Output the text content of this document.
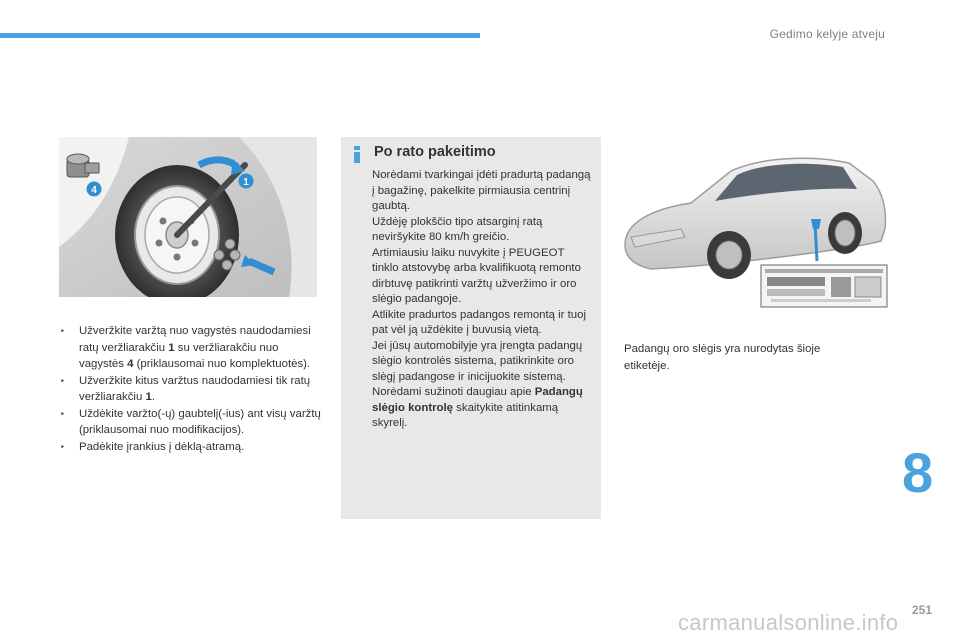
Gedimo kelyje atveju
4
1
‣ Užveržkite varžtą nuo vagystės naudodamiesi ratų veržliarakčiu 1 su veržliarakčiu nuo vagystės 4 (priklausomai nuo komplektuotės).
‣ Užveržkite kitus varžtus naudodamiesi tik ratų veržliarakčiu 1.
‣ Uždėkite varžto(-ų) gaubtelį(-ius) ant visų varžtų (priklausomai nuo modifikacijos).
‣ Padėkite įrankius į dėklą-atramą.
Po rato pakeitimo

Norėdami tvarkingai įdėti pradurtą padangą į bagažinę, pakelkite pirmiausia centrinį gaubtą.

Uždėję plokščio tipo atsarginį ratą neviršykite 80 km/h greičio.

Artimiausiu laiku nuvykite į PEUGEOT tinklo atstovybę arba kvalifikuotą remonto dirbtuvę patikrinti varžtų užveržimo ir oro slėgio padangoje.

Atlikite pradurtos padangos remontą ir tuoj pat vėl ją uždėkite į buvusią vietą.

Jei jūsų automobilyje yra įrengta padangų slėgio kontrolės sistema, patikrinkite oro slėgį padangose ir inicijuokite sistemą.

Norėdami sužinoti daugiau apie Padangų slėgio kontrolę skaitykite atitinkamą skyrelį.

Padangų oro slėgis yra nurodytas šioje etiketėje.
8
251
carmanualsonline.info
